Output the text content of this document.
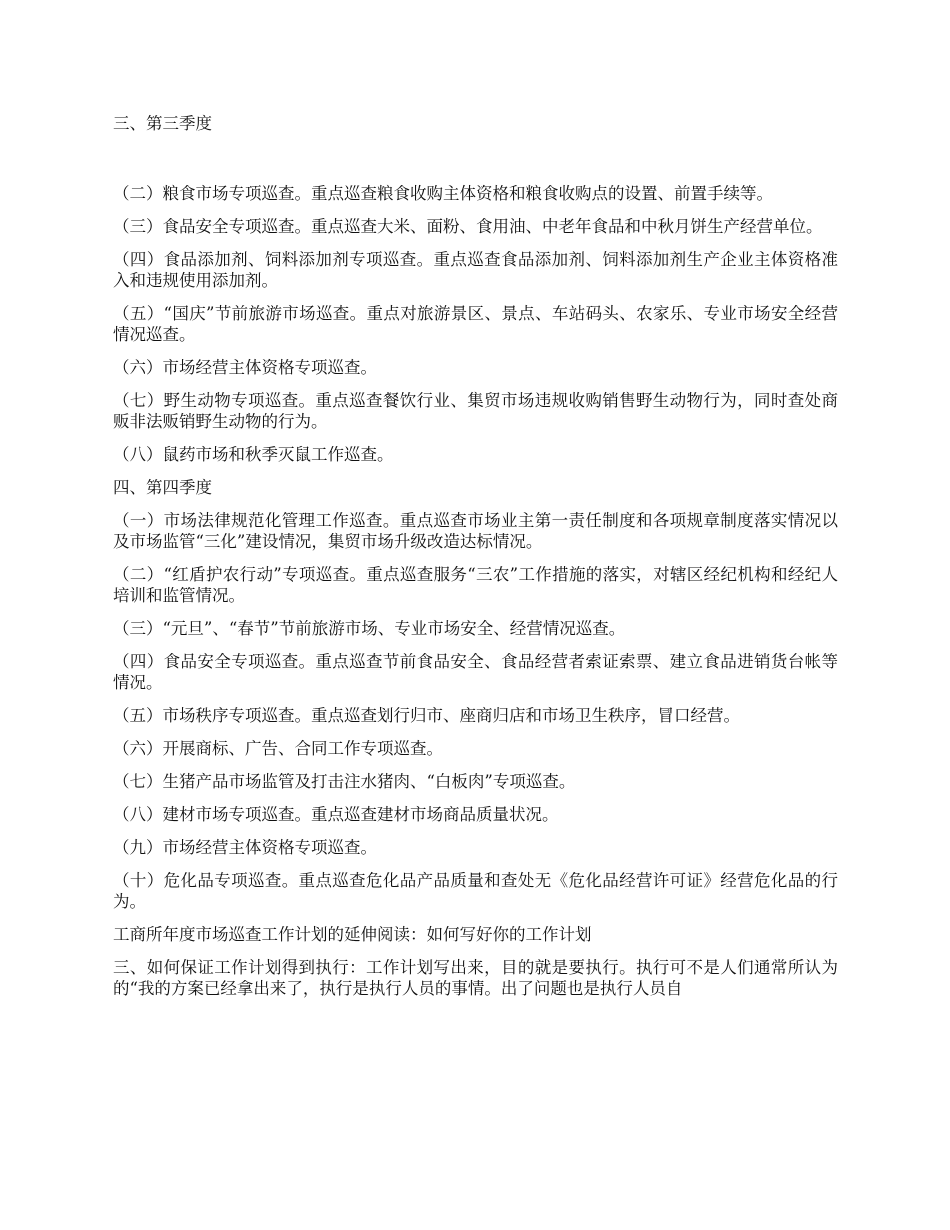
三、第三季度

（二）粮食市场专项巡查。重点巡查粮食收购主体资格和粮食收购点的设置、前置手续等。

（三）食品安全专项巡查。重点巡查大米、面粉、食用油、中老年食品和中秋月饼生产经营单位。

（四）食品添加剂、饲料添加剂专项巡查。重点巡查食品添加剂、饲料添加剂生产企业主体资格准入和违规使用添加剂。

（五）“国庆”节前旅游市场巡查。重点对旅游景区、景点、车站码头、农家乐、专业市场安全经营情况巡查。

（六）市场经营主体资格专项巡查。

（七）野生动物专项巡查。重点巡查餐饮行业、集贸市场违规收购销售野生动物行为，同时查处商贩非法贩销野生动物的行为。

（八）鼠药市场和秋季灭鼠工作巡查。

四、第四季度

（一）市场法律规范化管理工作巡查。重点巡查市场业主第一责任制度和各项规章制度落实情况以及市场监管“三化”建设情况，集贸市场升级改造达标情况。

（二）“红盾护农行动”专项巡查。重点巡查服务“三农”工作措施的落实，对辖区经纪机构和经纪人培训和监管情况。

（三）“元旦”、“春节”节前旅游市场、专业市场安全、经营情况巡查。

（四）食品安全专项巡查。重点巡查节前食品安全、食品经营者索证索票、建立食品进销货台帐等情况。

（五）市场秩序专项巡查。重点巡查划行归市、座商归店和市场卫生秩序，冒口经营。

（六）开展商标、广告、合同工作专项巡查。

（七）生猪产品市场监管及打击注水猪肉、“白板肉”专项巡查。

（八）建材市场专项巡查。重点巡查建材市场商品质量状况。

（九）市场经营主体资格专项巡查。

（十）危化品专项巡查。重点巡查危化品产品质量和查处无《危化品经营许可证》经营危化品的行为。

工商所年度市场巡查工作计划的延伸阅读：如何写好你的工作计划

三、如何保证工作计划得到执行：工作计划写出来，目的就是要执行。执行可不是人们通常所认为的“我的方案已经拿出来了，执行是执行人员的事情。出了问题也是执行人员自
